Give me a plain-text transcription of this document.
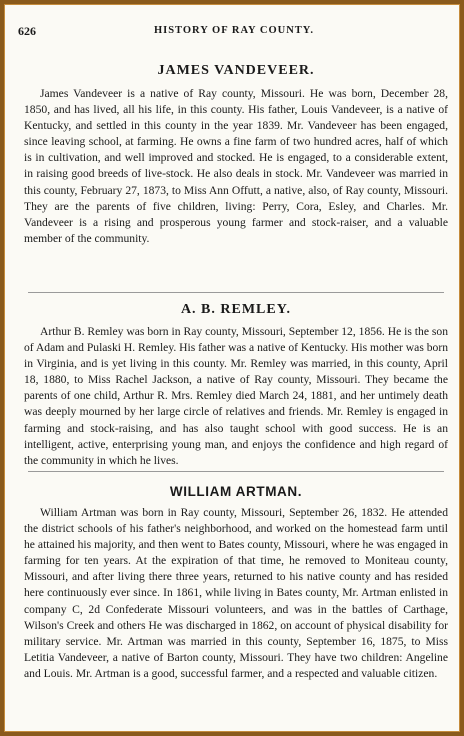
626	HISTORY OF RAY COUNTY.
JAMES VANDEVEER.

James Vandeveer is a native of Ray county, Missouri. He was born, December 28, 1850, and has lived, all his life, in this county. His father, Louis Vandeveer, is a native of Kentucky, and settled in this county in the year 1839. Mr. Vandeveer has been engaged, since leaving school, at farming. He owns a fine farm of two hundred acres, half of which is in cultivation, and well improved and stocked. He is engaged, to a considerable extent, in raising good breeds of live-stock. He also deals in stock. Mr. Vandeveer was married in this county, February 27, 1873, to Miss Ann Offutt, a native, also, of Ray county, Missouri. They are the parents of five children, living: Perry, Cora, Esley, and Charles. Mr. Vandeveer is a rising and prosperous young farmer and stock-raiser, and a valuable member of the community.

A. B. REMLEY.

Arthur B. Remley was born in Ray county, Missouri, September 12, 1856. He is the son of Adam and Pulaski H. Remley. His father was a native of Kentucky. His mother was born in Virginia, and is yet living in this county. Mr. Remley was married, in this county, April 18, 1880, to Miss Rachel Jackson, a native of Ray county, Missouri. They became the parents of one child, Arthur R. Mrs. Remley died March 24, 1881, and her untimely death was deeply mourned by her large circle of relatives and friends. Mr. Remley is engaged in farming and stock-raising, and has also taught school with good success. He is an intelligent, active, enterprising young man, and enjoys the confidence and high regard of the community in which he lives.

WILLIAM ARTMAN.

William Artman was born in Ray county, Missouri, September 26, 1832. He attended the district schools of his father's neighborhood, and worked on the homestead farm until he attained his majority, and then went to Bates county, Missouri, where he was engaged in farming for ten years. At the expiration of that time, he removed to Moniteau county, Missouri, and after living there three years, returned to his native county and has resided here continuously ever since. In 1861, while living in Bates county, Mr. Artman enlisted in company C, 2d Confederate Missouri volunteers, and was in the battles of Carthage, Wilson's Creek and others He was discharged in 1862, on account of physical disability for military service. Mr. Artman was married in this county, September 16, 1875, to Miss Letitia Vandeveer, a native of Barton county, Missouri. They have two children: Angeline and Louis. Mr. Artman is a good, successful farmer, and a respected and valuable citizen.
